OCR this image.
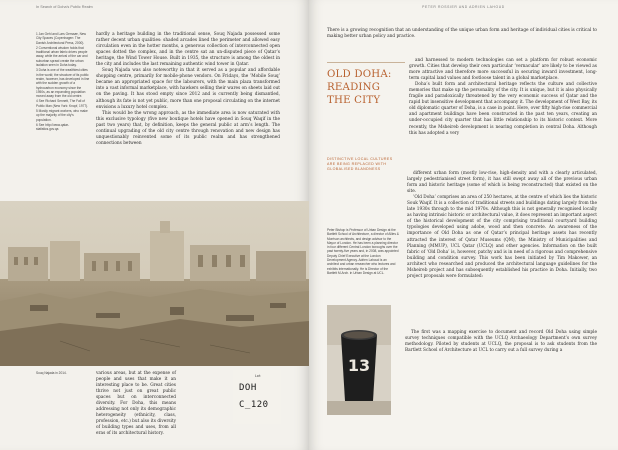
In Search of Doha’s Public Realm

1 Jan Gehl and Lars Gemzøe, New City Spaces (Copenhagen: The Danish Architectural Press, 2000).

2 Conventional wisdom holds that traditional urban fabric drives people away, while the arrival of the car and suburban sprawl create the urban isolation seen in Doha today.

3 Doha is one of the wealthiest cities in the world; the structure of its public realm, however, has developed in line with the sudden growth of a hydrocarbon economy since the 1950s, as an expanding population moved away from the old centre.

4 See Richard Sennett, The Fall of Public Man (New York: Knopf, 1977).

5 Mostly migrant workers, who make up the majority of the city’s population.

6 See http://www.qatar-statistics.gov.qa

hardly a heritage building in the traditional sense, Souq Najada possessed some rather decent urban qualities: shaded arcades lined the perimeter and allowed easy circulation even in the hotter months, a generous collection of interconnected open spaces dotted the complex, and in the centre sat an un-disputed piece of Qatar’s heritage, the Wind Tower House. Built in 1935, the structure is among the oldest in the city and includes the last remaining authentic wind tower in Qatar.

Souq Najada was also noteworthy in that it served as a popular and affordable shopping centre, primarily for mobile-phone vendors. On Fridays, the ‘Mobile Souq’ became an appropriated space for the labourers, with the main plaza transformed into a vast informal marketplace, with hawkers selling their wares on sheets laid out on the paving. It has stood empty since 2012 and is currently being dismantled, although its fate is not yet public, more than one proposal circulating on the internet envisions a luxury hotel complex.

This would be the wrong approach, as the immediate area is now saturated with this exclusive typology (five new boutique hotels have opened in Souq Waqif in the past two years) that, by definition, keeps the general public at arm’s length. The continual upgrading of the old city centre through renovation and new design has unquestionably reinvented some of its public realm and has strengthened connections between

Souq Najada in 2014.	various areas, but at the expense of people and uses that make it an interesting place to be. Great cities thrive not just on great public spaces but on interconnected diversity. For Doha, this means addressing not only its demographic heterogeneity (ethnicity, class, profession, etc.) but also its diversity of building types and uses, from all eras of its architectural history.
Lot
DOH
C_120
PETER ROSSIER AND ADRIEN LAHOUD

There is a growing recognition that an understanding of the unique urban form and heritage of individual cities is critical to making better urban policy and practice.

OLD DOHA: READING THE CITY

and harnessed to modern technologies can set a platform for robust economic growth. Cities that develop their own particular ‘vernacular’ are likely to be viewed as more attractive and therefore more successful in securing inward investment, long-term capital land values and footloose talent in a global marketplace.

Doha’s built form and architectural heritage reflects the culture and collective memories that make up the personality of the city. It is unique, but it is also physically fragile and paradoxically threatened by the very economic success of Qatar and the rapid but insensitive development that accompany it. The development of West Bay, its old diplomatic quarter of Doha, is a case in point. Here, over fifty high-rise commercial and apartment buildings have been constructed in the past ten years, creating an under-occupied city quarter that has little relationship to its historic context. More recently, the Msheireb development is nearing completion in central Doha. Although this has adopted a very

DISTINCTIVE LOCAL CULTURES ARE BEING REPLACED WITH GLOBALISED BLANDNESS

different urban form (mostly low-rise, high-density and with a clearly articulated, largely pedestrianised street form), it has still swept away all of the previous urban form and historic heritage (some of which is being reconstructed) that existed on the site.

‘Old Doha’ comprises an area of 250 hectares, at the centre of which lies the historic Souk Waqif. It is a collection of traditional streets and buildings dating largely from the late 1930s through to the mid 1970s. Although this is not generally recognised locally as having intrinsic historic or architectural value, it does represent an important aspect of the historical development of the city comprising traditional courtyard building typologies developed using adobe, wood and then concrete. An awareness of the importance of Old Doha as one of Qatar’s principal heritage assets has recently attracted the interest of Qatar Museums (QM), the Ministry of Municipalities and Planning (MMUP), UCL Qatar (UCLQ) and other agencies. Information on the built fabric of ‘Old Doha’ is, however, patchy and is in need of a rigorous and comprehensive building and condition survey. This work has been initiated by Tim Makower, an architect who researched and produced the architectural language guidelines for the Msheireb project and has subsequently established his practice in Doha. Initially, two project proposals were formulated:

Peter Bishop is Professor of Urban Design at the Bartlett School of Architecture, a director of Allies & Morrison architects, and design advisor to the Mayor of London. He has been a planning director in four different Central London boroughs over the past twenty-five years and, in 2008, was appointed Deputy Chief Executive at the London Development Agency. Adrien Lahoud is an architect and urban researcher who lectures and exhibits internationally. He is Director of the Bartlett M.Arch. in Urban Design at UCL.
13

The first was a mapping exercise to document and record Old Doha using simple survey techniques compatible with the UCLQ Archaeology Department’s own survey methodology. Piloted by students at UCLQ, the proposal is to ask students from the Bartlett School of Architecture at UCL to carry out a full survey during a
